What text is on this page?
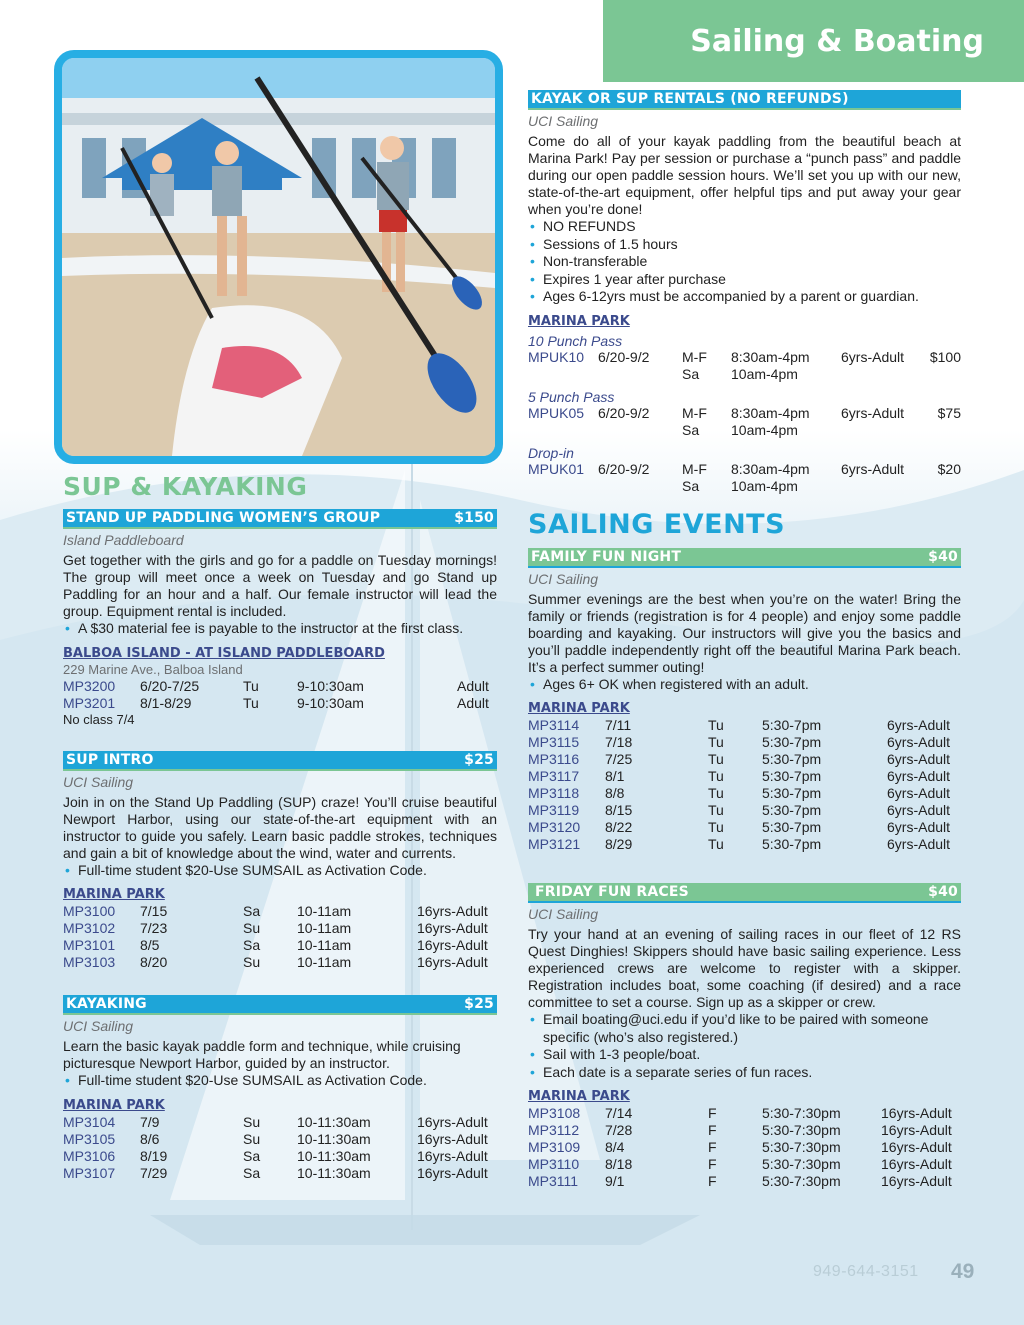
Sailing & Boating
SUP & KAYAKING
STAND UP PADDLING WOMEN’S GROUP	$150
Island Paddleboard

Get together with the girls and go for a paddle on Tuesday mornings! The group will meet once a week on Tuesday and go Stand up Paddling for an hour and a half. Our female instructor will lead the group. Equipment rental is included.

• A $30 material fee is payable to the instructor at the first class.
BALBOA ISLAND - AT ISLAND PADDLEBOARD
229 Marine Ave., Balboa Island
MP3200 6/20-7/25	Tu	9-10:30am	Adult
MP3201 8/1-8/29	Tu	9-10:30am	Adult
No class 7/4
SUP INTRO	$25
UCI Sailing

Join in on the Stand Up Paddling (SUP) craze! You’ll cruise beautiful Newport Harbor, using our state-of-the-art equipment with an instructor to guide you safely. Learn basic paddle strokes, techniques and gain a bit of knowledge about the wind, water and currents.

• Full-time student $20-Use SUMSAIL as Activation Code.
MARINA PARK
MP3100 7/15	Sa	10-11am	16yrs-Adult
MP3102 7/23	Su	10-11am	16yrs-Adult
MP3101 8/5	Sa	10-11am	16yrs-Adult
MP3103 8/20	Su	10-11am	16yrs-Adult
KAYAKING	$25
UCI Sailing

Learn the basic kayak paddle form and technique, while cruising picturesque Newport Harbor, guided by an instructor.

• Full-time student $20-Use SUMSAIL as Activation Code.
MARINA PARK
MP3104 7/9	Su	10-11:30am	16yrs-Adult
MP3105 8/6	Su	10-11:30am	16yrs-Adult
MP3106 8/19	Sa	10-11:30am	16yrs-Adult
MP3107 7/29	Sa	10-11:30am	16yrs-Adult
KAYAK OR SUP RENTALS (NO REFUNDS)
UCI Sailing

Come do all of your kayak paddling from the beautiful beach at Marina Park! Pay per session or purchase a “punch pass” and paddle during our open paddle session hours. We’ll set you up with our new, state-of-the-art equipment, offer helpful tips and put away your gear when you’re done!

• NO REFUNDS
• Sessions of 1.5 hours
• Non-transferable
• Expires 1 year after purchase
• Ages 6-12yrs must be accompanied by a parent or guardian.
MARINA PARK
10 Punch Pass
MPUK10 6/20-9/2 M-F 8:30am-4pm 6yrs-Adult $100
Sa 10am-4pm
5 Punch Pass
MPUK05 6/20-9/2 M-F 8:30am-4pm 6yrs-Adult $75
Sa 10am-4pm
Drop-in
MPUK01 6/20-9/2 M-F 8:30am-4pm 6yrs-Adult $20
Sa 10am-4pm
SAILING EVENTS
FAMILY FUN NIGHT	$40
UCI Sailing

Summer evenings are the best when you’re on the water! Bring the family or friends (registration is for 4 people) and enjoy some paddle boarding and kayaking. Our instructors will give you the basics and you’ll paddle independently right off the beautiful Marina Park beach. It’s a perfect summer outing!

• Ages 6+ OK when registered with an adult.
MARINA PARK
MP3114 7/11	Tu	5:30-7pm	6yrs-Adult
MP3115 7/18	Tu	5:30-7pm	6yrs-Adult
MP3116 7/25	Tu	5:30-7pm	6yrs-Adult
MP3117 8/1	Tu	5:30-7pm	6yrs-Adult
MP3118 8/8	Tu	5:30-7pm	6yrs-Adult
MP3119 8/15	Tu	5:30-7pm	6yrs-Adult
MP3120 8/22	Tu	5:30-7pm	6yrs-Adult
MP3121 8/29	Tu	5:30-7pm	6yrs-Adult
FRIDAY FUN RACES	$40
UCI Sailing

Try your hand at an evening of sailing races in our fleet of 12 RS Quest Dinghies! Skippers should have basic sailing experience. Less experienced crews are welcome to register with a skipper. Registration includes boat, some coaching (if desired) and a race committee to set a course. Sign up as a skipper or crew.

• Email boating@uci.edu if you’d like to be paired with someone specific (who’s also registered.)
• Sail with 1-3 people/boat.
• Each date is a separate series of fun races.
MARINA PARK
MP3108 7/14	F	5:30-7:30pm	16yrs-Adult
MP3112 7/28	F	5:30-7:30pm	16yrs-Adult
MP3109 8/4	F	5:30-7:30pm	16yrs-Adult
MP3110 8/18	F	5:30-7:30pm	16yrs-Adult
MP3111 9/1	F	5:30-7:30pm	16yrs-Adult
949-644-3151 49
